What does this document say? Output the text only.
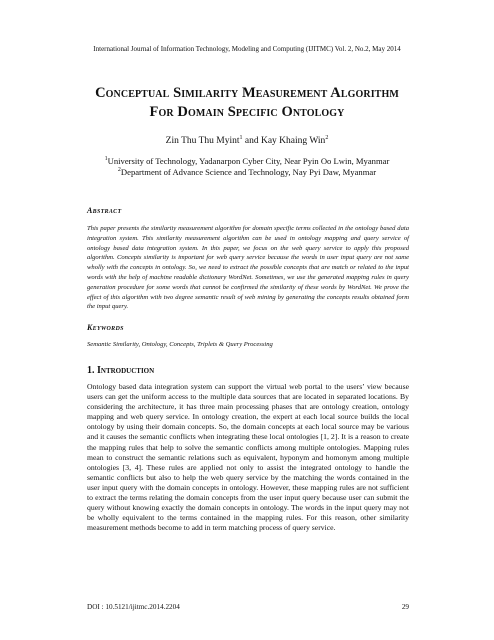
International Journal of Information Technology, Modeling and Computing (IJITMC) Vol. 2, No.2, May 2014
Conceptual Similarity Measurement Algorithm
For Domain Specific Ontology
Zin Thu Thu Myint$^1$ and Kay Khaing Win$^2$
$^1$University of Technology, Yadanarpon Cyber City, Near Pyin Oo Lwin, Myanmar
$^2$Department of Advance Science and Technology, Nay Pyi Daw, Myanmar
Abstract
This paper presents the similarity measurement algorithm for domain specific terms collected in the ontology based data integration system. This similarity measurement algorithm can be used in ontology mapping and query service of ontology based data integration system. In this paper, we focus on the web query service to apply this proposed algorithm. Concepts similarity is important for web query service because the words in user input query are not same wholly with the concepts in ontology. So, we need to extract the possible concepts that are match or related to the input words with the help of machine readable dictionary WordNet. Sometimes, we use the generated mapping rules in query generation procedure for some words that cannot be confirmed the similarity of these words by WordNet. We prove the effect of this algorithm with two degree semantic result of web mining by generating the concepts results obtained form the input query.
Keywords
Semantic Similarity, Ontology, Concepts, Triplets & Query Processing
1. Introduction
Ontology based data integration system can support the virtual web portal to the users’ view because users can get the uniform access to the multiple data sources that are located in separated locations. By considering the architecture, it has three main processing phases that are ontology creation, ontology mapping and web query service. In ontology creation, the expert at each local source builds the local ontology by using their domain concepts. So, the domain concepts at each local source may be various and it causes the semantic conflicts when integrating these local ontologies [1, 2]. It is a reason to create the mapping rules that help to solve the semantic conflicts among multiple ontologies. Mapping rules mean to construct the semantic relations such as equivalent, hyponym and homonym among multiple ontologies [3, 4]. These rules are applied not only to assist the integrated ontology to handle the semantic conflicts but also to help the web query service by the matching the words contained in the user input query with the domain concepts in ontology. However, these mapping rules are not sufficient to extract the terms relating the domain concepts from the user input query because user can submit the query without knowing exactly the domain concepts in ontology. The words in the input query may not be wholly equivalent to the terms contained in the mapping rules. For this reason, other similarity measurement methods become to add in term matching process of query service.
DOI : 10.5121/ijitmc.2014.2204	29
